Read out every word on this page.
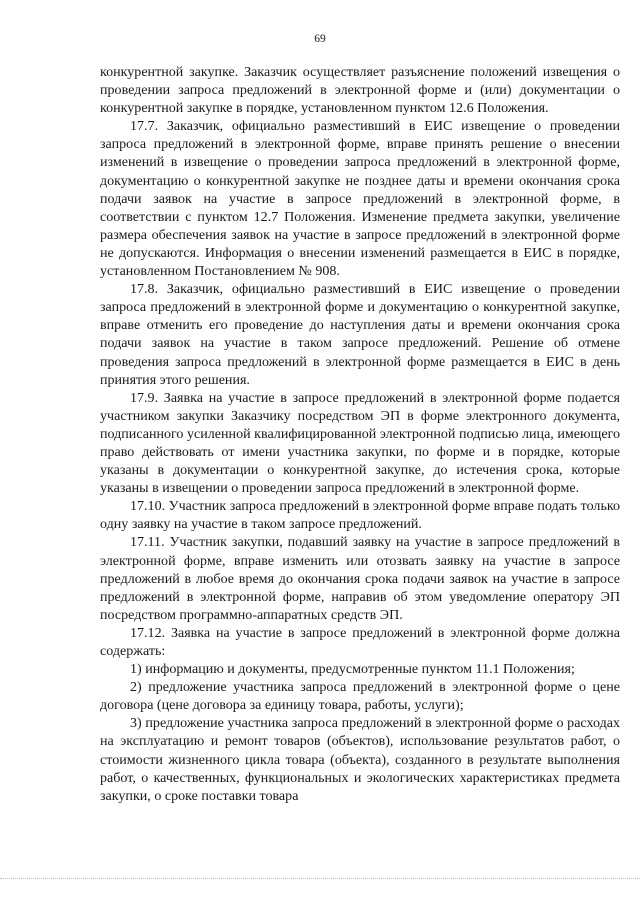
69

конкурентной закупке. Заказчик осуществляет разъяснение положений извещения о проведении запроса предложений в электронной форме и (или) документации о конкурентной закупке в порядке, установленном пунктом 12.6 Положения.

17.7. Заказчик, официально разместивший в ЕИС извещение о проведении запроса предложений в электронной форме, вправе принять решение о внесении изменений в извещение о проведении запроса предложений в электронной форме, документацию о конкурентной закупке не позднее даты и времени окончания срока подачи заявок на участие в запросе предложений в электронной форме, в соответствии с пунктом 12.7 Положения. Изменение предмета закупки, увеличение размера обеспечения заявок на участие в запросе предложений в электронной форме не допускаются. Информация о внесении изменений размещается в ЕИС в порядке, установленном Постановлением № 908.

17.8. Заказчик, официально разместивший в ЕИС извещение о проведении запроса предложений в электронной форме и документацию о конкурентной закупке, вправе отменить его проведение до наступления даты и времени окончания срока подачи заявок на участие в таком запросе предложений. Решение об отмене проведения запроса предложений в электронной форме размещается в ЕИС в день принятия этого решения.

17.9. Заявка на участие в запросе предложений в электронной форме подается участником закупки Заказчику посредством ЭП в форме электронного документа, подписанного усиленной квалифицированной электронной подписью лица, имеющего право действовать от имени участника закупки, по форме и в порядке, которые указаны в документации о конкурентной закупке, до истечения срока, которые указаны в извещении о проведении запроса предложений в электронной форме.

17.10. Участник запроса предложений в электронной форме вправе подать только одну заявку на участие в таком запросе предложений.

17.11. Участник закупки, подавший заявку на участие в запросе предложений в электронной форме, вправе изменить или отозвать заявку на участие в запросе предложений в любое время до окончания срока подачи заявок на участие в запросе предложений в электронной форме, направив об этом уведомление оператору ЭП посредством программно-аппаратных средств ЭП.

17.12. Заявка на участие в запросе предложений в электронной форме должна содержать:

1) информацию и документы, предусмотренные пунктом 11.1 Положения;

2) предложение участника запроса предложений в электронной форме о цене договора (цене договора за единицу товара, работы, услуги);

3) предложение участника запроса предложений в электронной форме о расходах на эксплуатацию и ремонт товаров (объектов), использование результатов работ, о стоимости жизненного цикла товара (объекта), созданного в результате выполнения работ, о качественных, функциональных и экологических характеристиках предмета закупки, о сроке поставки товара
